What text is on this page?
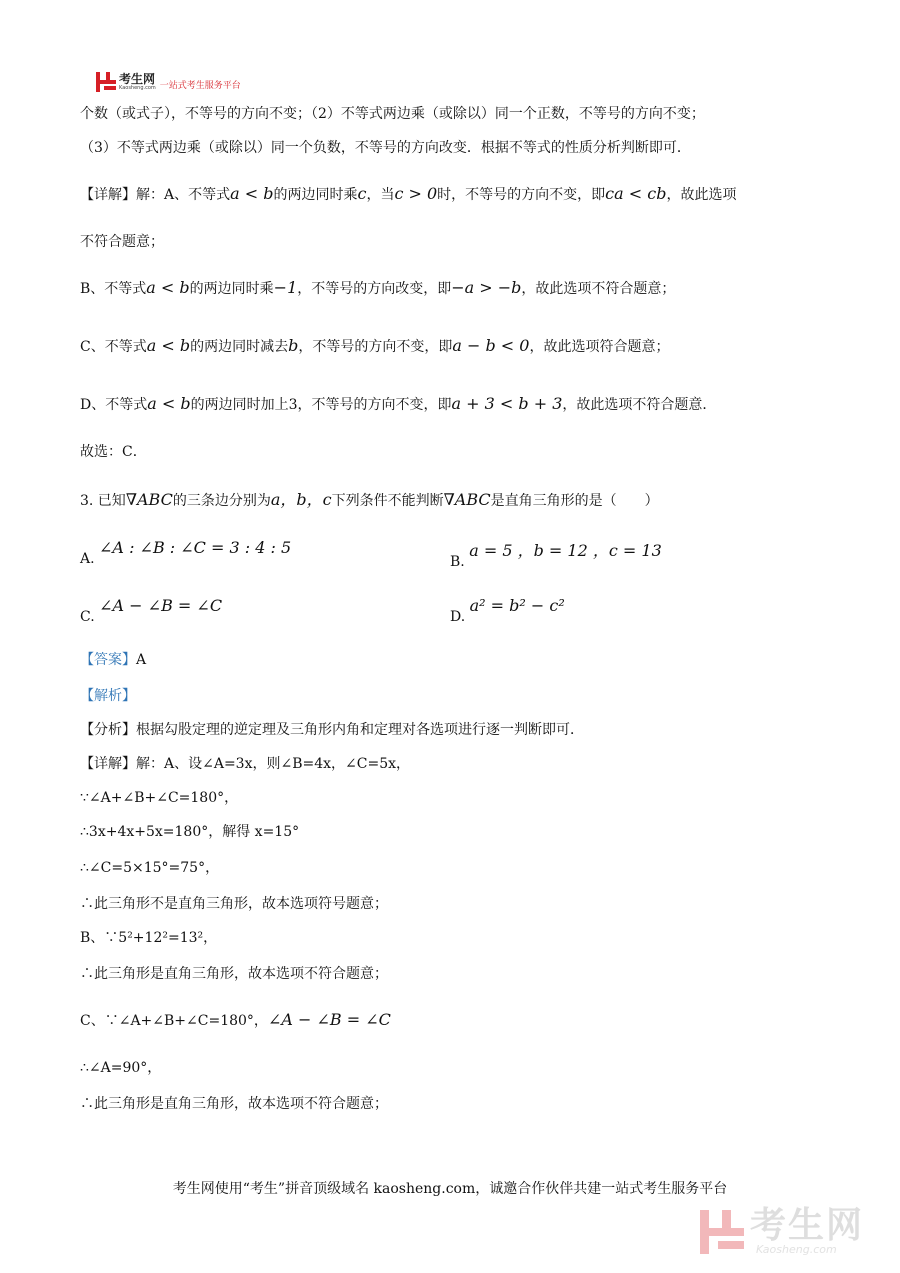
考生网
Kaosheng.com 一站式考生服务平台
个数（或式子），不等号的方向不变；（2）不等式两边乘（或除以）同一个正数，不等号的方向不变；
（3）不等式两边乘（或除以）同一个负数，不等号的方向改变．根据不等式的性质分析判断即可．
【详解】解：A、不等式a < b的两边同时乘c，当c > 0时，不等号的方向不变，即ca < cb，故此选项
不符合题意；
B、不等式a < b的两边同时乘−1，不等号的方向改变，即−a > −b，故此选项不符合题意；
C、不等式a < b的两边同时减去b，不等号的方向不变，即a − b < 0，故此选项符合题意；
D、不等式a < b的两边同时加上3，不等号的方向不变，即a + 3 < b + 3，故此选项不符合题意．
故选：C．
3. 已知∇ABC的三条边分别为a，b，c下列条件不能判断∇ABC是直角三角形的是（　　）
A. ∠A : ∠B : ∠C = 3 : 4 : 5
B. a = 5 ，b = 12 ，c = 13
C. ∠A − ∠B = ∠C
D. a² = b² − c²
【答案】A
【解析】
【分析】根据勾股定理的逆定理及三角形内角和定理对各选项进行逐一判断即可．
【详解】解：A、设∠A=3x，则∠B=4x，∠C=5x，
∵∠A+∠B+∠C=180°，
∴3x+4x+5x=180°，解得 x=15°
∴∠C=5×15°=75°，
∴此三角形不是直角三角形，故本选项符号题意；
B、∵5²+12²=13²，
∴此三角形是直角三角形，故本选项不符合题意；
C、∵∠A+∠B+∠C=180°，∠A − ∠B = ∠C
∴∠A=90°，
∴此三角形是直角三角形，故本选项不符合题意；
考生网使用“考生”拼音顶级域名 kaosheng.com，诚邀合作伙伴共建一站式考生服务平台
考生网
Kaosheng.com
